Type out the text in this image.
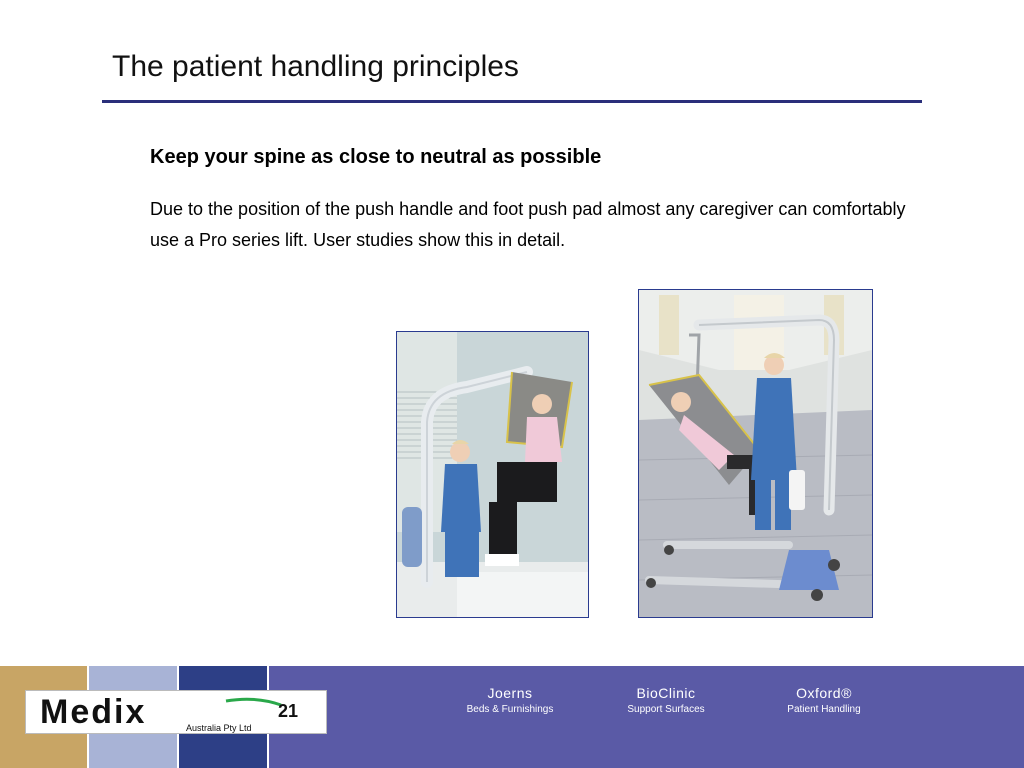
The patient handling principles
Keep your spine as close to neutral as possible

Due to the position of the push handle and foot push pad almost any caregiver can comfortably use a Pro series lift. User studies show this in detail.

Medix	21
Australia Pty Ltd
Joerns
Beds & Furnishings
BioClinic
Support Surfaces
Oxford®
Patient Handling
